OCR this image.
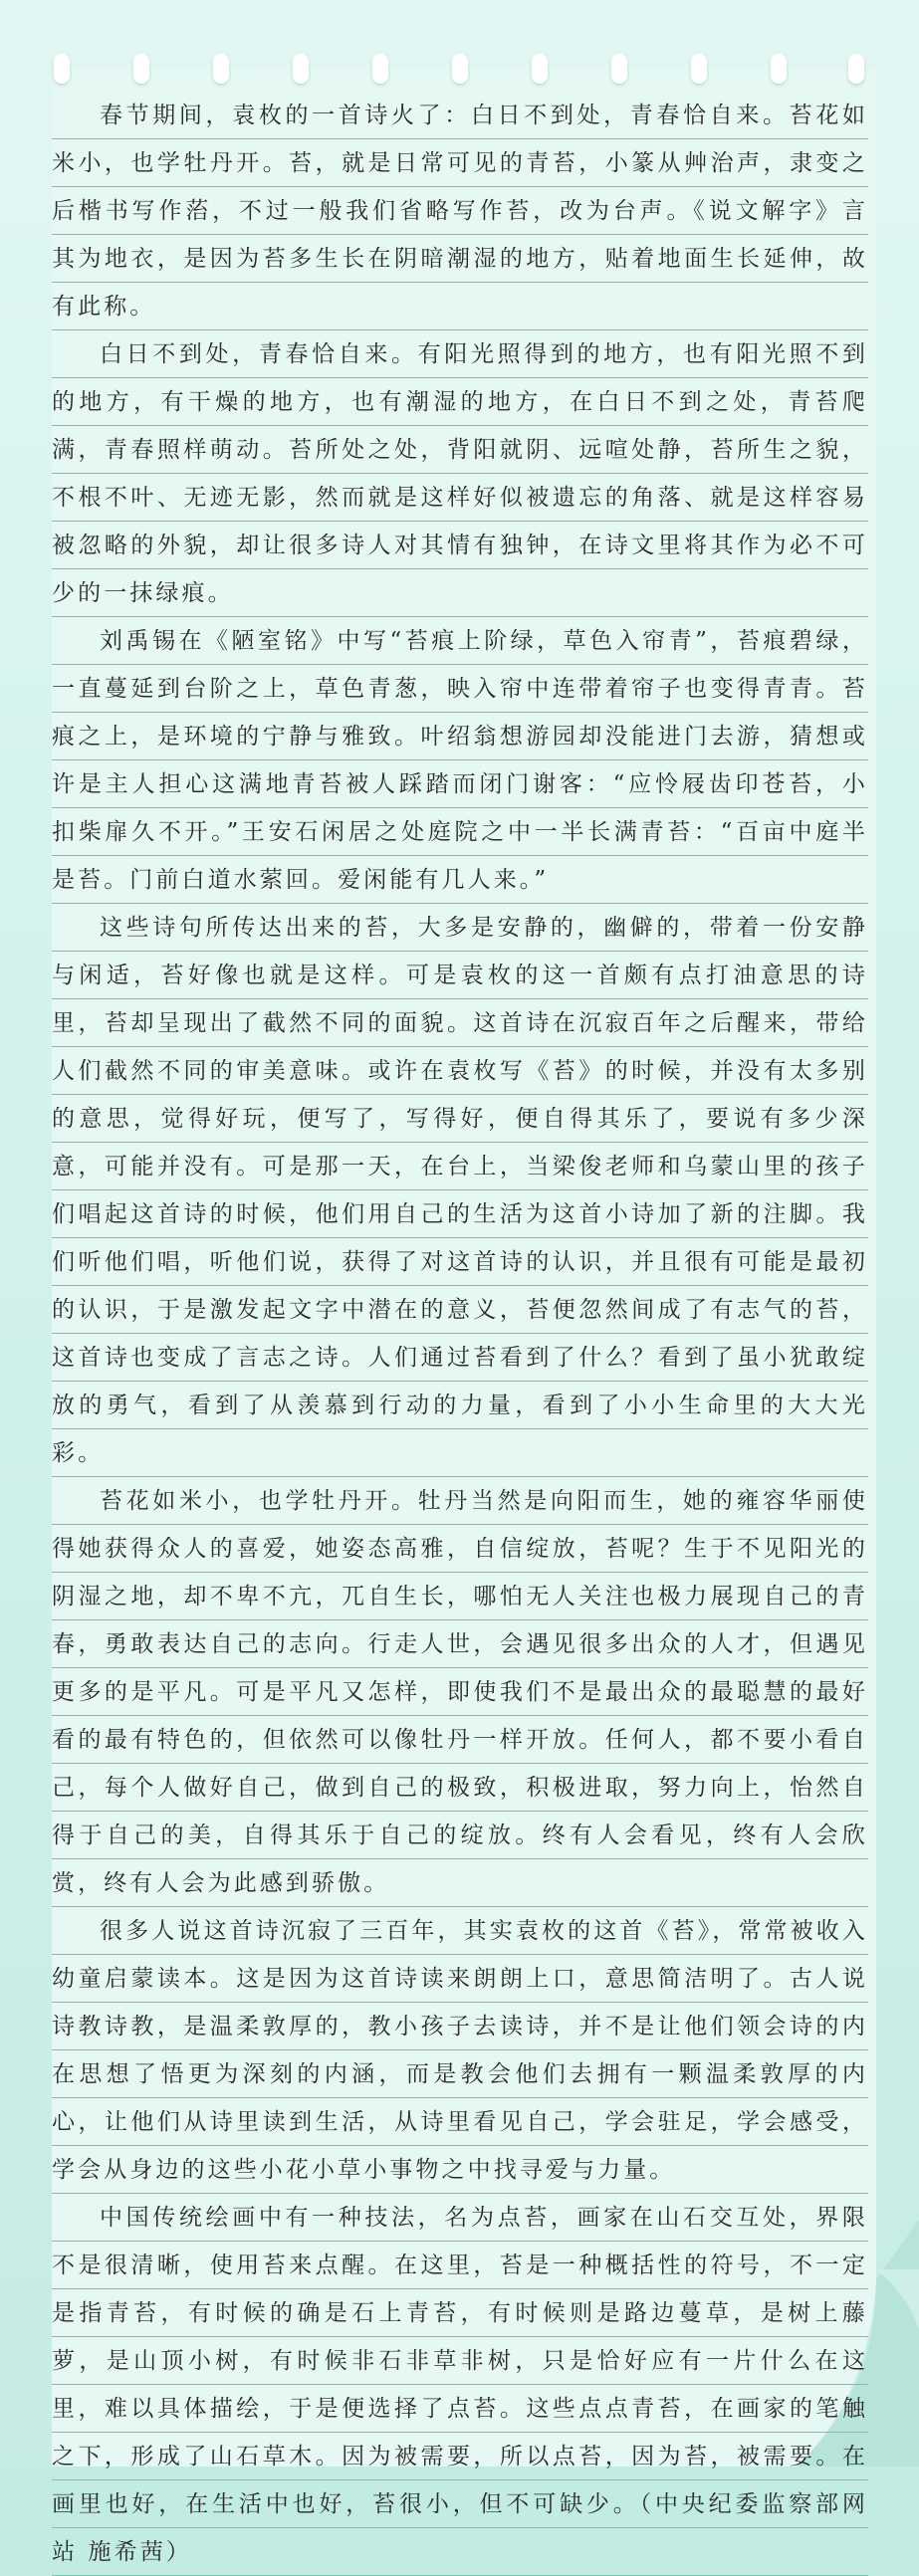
春节期间，袁枚的一首诗火了：白日不到处，青春恰自来。苔花如米小，也学牡丹开。苔，就是日常可见的青苔，小篆从艸治声，隶变之后楷书写作菭，不过一般我们省略写作苔，改为台声。《说文解字》言其为地衣，是因为苔多生长在阴暗潮湿的地方，贴着地面生长延伸，故有此称。

白日不到处，青春恰自来。有阳光照得到的地方，也有阳光照不到的地方，有干燥的地方，也有潮湿的地方，在白日不到之处，青苔爬满，青春照样萌动。苔所处之处，背阳就阴、远喧处静，苔所生之貌，不根不叶、无迹无影，然而就是这样好似被遗忘的角落、就是这样容易被忽略的外貌，却让很多诗人对其情有独钟，在诗文里将其作为必不可少的一抹绿痕。

刘禹锡在《陋室铭》中写“苔痕上阶绿，草色入帘青”，苔痕碧绿，一直蔓延到台阶之上，草色青葱，映入帘中连带着帘子也变得青青。苔痕之上，是环境的宁静与雅致。叶绍翁想游园却没能进门去游，猜想或许是主人担心这满地青苔被人踩踏而闭门谢客：“应怜屐齿印苍苔，小扣柴扉久不开。”王安石闲居之处庭院之中一半长满青苔：“百亩中庭半是苔。门前白道水萦回。爱闲能有几人来。”

这些诗句所传达出来的苔，大多是安静的，幽僻的，带着一份安静与闲适，苔好像也就是这样。可是袁枚的这一首颇有点打油意思的诗里，苔却呈现出了截然不同的面貌。这首诗在沉寂百年之后醒来，带给人们截然不同的审美意味。或许在袁枚写《苔》的时候，并没有太多别的意思，觉得好玩，便写了，写得好，便自得其乐了，要说有多少深意，可能并没有。可是那一天，在台上，当梁俊老师和乌蒙山里的孩子们唱起这首诗的时候，他们用自己的生活为这首小诗加了新的注脚。我们听他们唱，听他们说，获得了对这首诗的认识，并且很有可能是最初的认识，于是激发起文字中潜在的意义，苔便忽然间成了有志气的苔，这首诗也变成了言志之诗。人们通过苔看到了什么？看到了虽小犹敢绽放的勇气，看到了从羡慕到行动的力量，看到了小小生命里的大大光彩。

苔花如米小，也学牡丹开。牡丹当然是向阳而生，她的雍容华丽使得她获得众人的喜爱，她姿态高雅，自信绽放，苔呢？生于不见阳光的阴湿之地，却不卑不亢，兀自生长，哪怕无人关注也极力展现自己的青春，勇敢表达自己的志向。行走人世，会遇见很多出众的人才，但遇见更多的是平凡。可是平凡又怎样，即使我们不是最出众的最聪慧的最好看的最有特色的，但依然可以像牡丹一样开放。任何人，都不要小看自己，每个人做好自己，做到自己的极致，积极进取，努力向上，怡然自得于自己的美，自得其乐于自己的绽放。终有人会看见，终有人会欣赏，终有人会为此感到骄傲。

很多人说这首诗沉寂了三百年，其实袁枚的这首《苔》，常常被收入幼童启蒙读本。这是因为这首诗读来朗朗上口，意思简洁明了。古人说诗教诗教，是温柔敦厚的，教小孩子去读诗，并不是让他们领会诗的内在思想了悟更为深刻的内涵，而是教会他们去拥有一颗温柔敦厚的内心，让他们从诗里读到生活，从诗里看见自己，学会驻足，学会感受，学会从身边的这些小花小草小事物之中找寻爱与力量。

中国传统绘画中有一种技法，名为点苔，画家在山石交互处，界限不是很清晰，使用苔来点醒。在这里，苔是一种概括性的符号，不一定是指青苔，有时候的确是石上青苔，有时候则是路边蔓草，是树上藤萝，是山顶小树，有时候非石非草非树，只是恰好应有一片什么在这里，难以具体描绘，于是便选择了点苔。这些点点青苔，在画家的笔触之下，形成了山石草木。因为被需要，所以点苔，因为苔，被需要。在画里也好，在生活中也好，苔很小，但不可缺少。（中央纪委监察部网站 施希茜）
